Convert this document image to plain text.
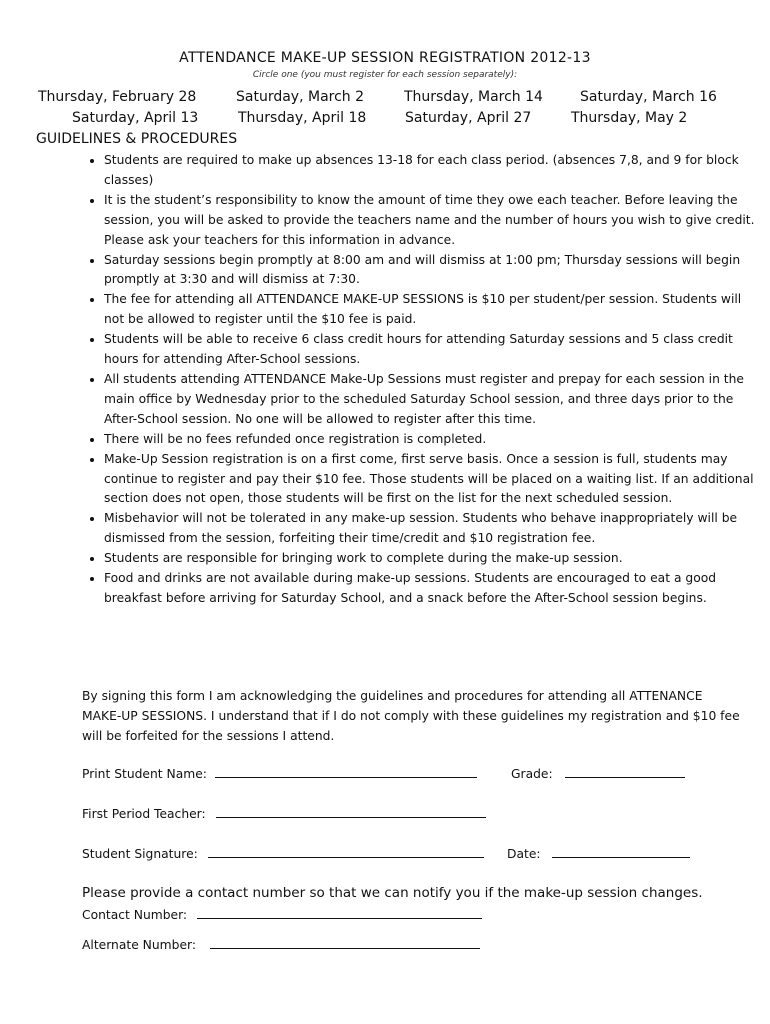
ATTENDANCE MAKE-UP SESSION REGISTRATION 2012-13
Circle one (you must register for each session separately):
Thursday, February 28	Saturday, March 2	Thursday, March 14	Saturday, March 16
Saturday, April 13	Thursday, April 18	Saturday, April 27	Thursday, May 2
GUIDELINES & PROCEDURES
• Students are required to make up absences 13-18 for each class period. (absences 7,8, and 9 for block classes)
• It is the student’s responsibility to know the amount of time they owe each teacher. Before leaving the session, you will be asked to provide the teachers name and the number of hours you wish to give credit. Please ask your teachers for this information in advance.
• Saturday sessions begin promptly at 8:00 am and will dismiss at 1:00 pm; Thursday sessions will begin promptly at 3:30 and will dismiss at 7:30.
• The fee for attending all ATTENDANCE MAKE-UP SESSIONS is $10 per student/per session. Students will not be allowed to register until the $10 fee is paid.
• Students will be able to receive 6 class credit hours for attending Saturday sessions and 5 class credit hours for attending After-School sessions.
• All students attending ATTENDANCE Make-Up Sessions must register and prepay for each session in the main office by Wednesday prior to the scheduled Saturday School session, and three days prior to the After-School session. No one will be allowed to register after this time.
• There will be no fees refunded once registration is completed.
• Make-Up Session registration is on a first come, first serve basis. Once a session is full, students may continue to register and pay their $10 fee. Those students will be placed on a waiting list. If an additional section does not open, those students will be first on the list for the next scheduled session.
• Misbehavior will not be tolerated in any make-up session. Students who behave inappropriately will be dismissed from the session, forfeiting their time/credit and $10 registration fee.
• Students are responsible for bringing work to complete during the make-up session.
• Food and drinks are not available during make-up sessions. Students are encouraged to eat a good breakfast before arriving for Saturday School, and a snack before the After-School session begins.
By signing this form I am acknowledging the guidelines and procedures for attending all ATTENANCE MAKE-UP SESSIONS. I understand that if I do not comply with these guidelines my registration and $10 fee will be forfeited for the sessions I attend.
Print Student Name:	Grade:
First Period Teacher:
Student Signature:	Date:
Please provide a contact number so that we can notify you if the make-up session changes.
Contact Number:
Alternate Number:
